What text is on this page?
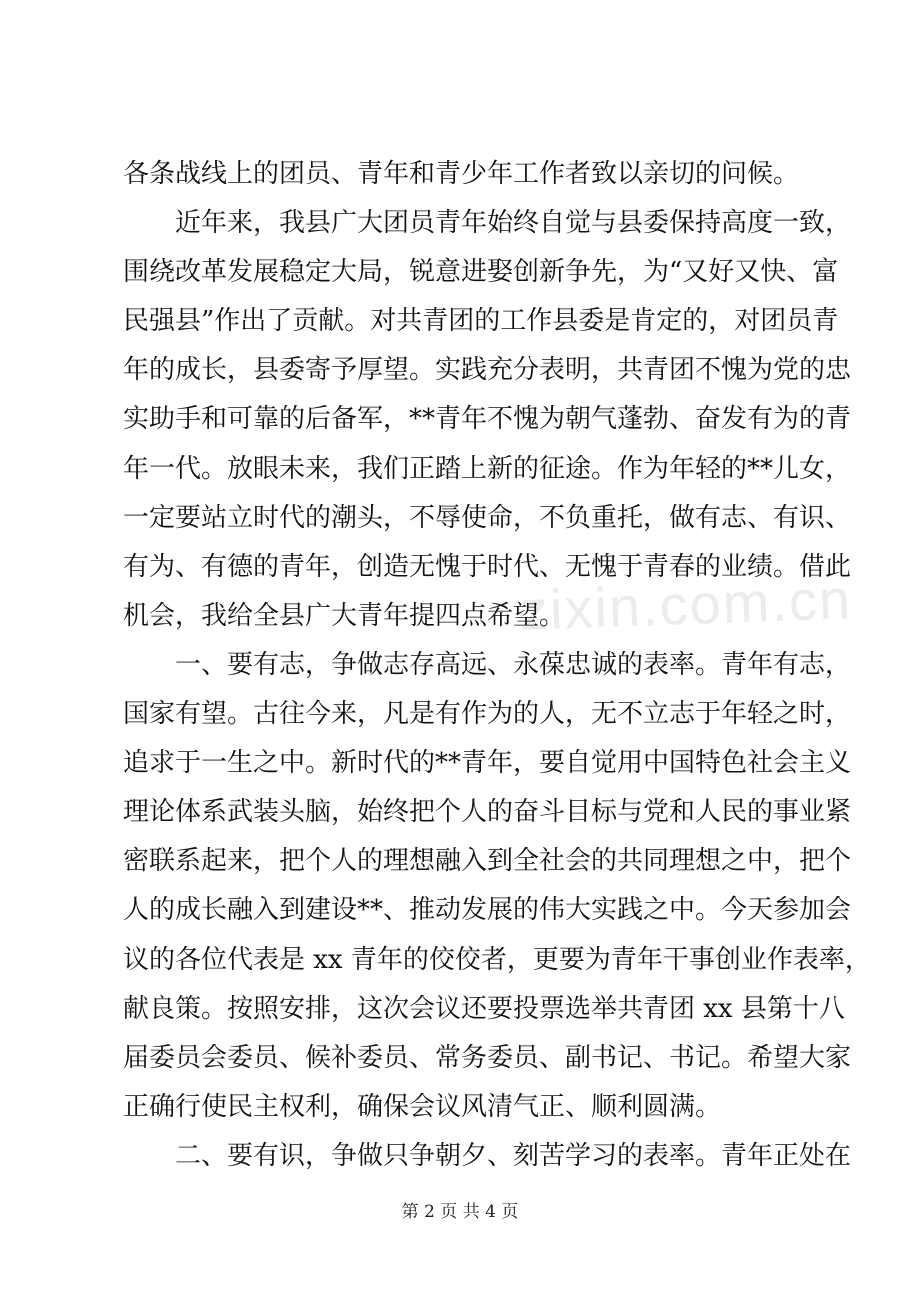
zixin.com.cn
各条战线上的团员、青年和青少年工作者致以亲切的问候。
　　近年来，我县广大团员青年始终自觉与县委保持高度一致，
围绕改革发展稳定大局，锐意进娶创新争先，为“又好又快、富
民强县”作出了贡献。对共青团的工作县委是肯定的，对团员青
年的成长，县委寄予厚望。实践充分表明，共青团不愧为党的忠
实助手和可靠的后备军，**青年不愧为朝气蓬勃、奋发有为的青
年一代。放眼未来，我们正踏上新的征途。作为年轻的**儿女，
一定要站立时代的潮头，不辱使命，不负重托，做有志、有识、
有为、有德的青年，创造无愧于时代、无愧于青春的业绩。借此
机会，我给全县广大青年提四点希望。
　　一、要有志，争做志存高远、永葆忠诚的表率。青年有志，
国家有望。古往今来，凡是有作为的人，无不立志于年轻之时，
追求于一生之中。新时代的**青年，要自觉用中国特色社会主义
理论体系武装头脑，始终把个人的奋斗目标与党和人民的事业紧
密联系起来，把个人的理想融入到全社会的共同理想之中，把个
人的成长融入到建设**、推动发展的伟大实践之中。今天参加会
议的各位代表是 xx 青年的佼佼者，更要为青年干事创业作表率，
献良策。按照安排，这次会议还要投票选举共青团 xx 县第十八
届委员会委员、候补委员、常务委员、副书记、书记。希望大家
正确行使民主权利，确保会议风清气正、顺利圆满。
　　二、要有识，争做只争朝夕、刻苦学习的表率。青年正处在
第 2 页 共 4 页
